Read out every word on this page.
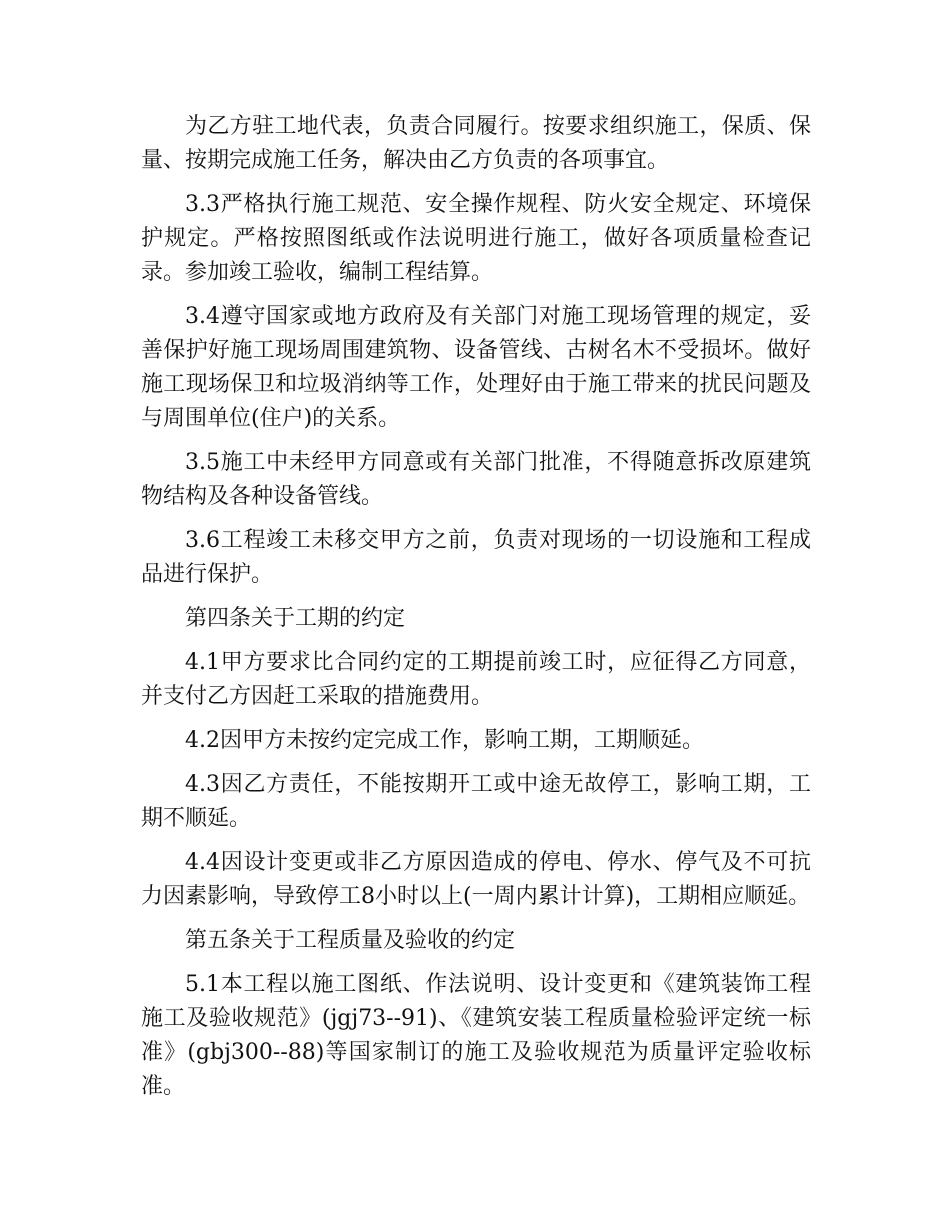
为乙方驻工地代表，负责合同履行。按要求组织施工，保质、保量、按期完成施工任务，解决由乙方负责的各项事宜。

3.3严格执行施工规范、安全操作规程、防火安全规定、环境保护规定。严格按照图纸或作法说明进行施工，做好各项质量检查记录。参加竣工验收，编制工程结算。

3.4遵守国家或地方政府及有关部门对施工现场管理的规定，妥善保护好施工现场周围建筑物、设备管线、古树名木不受损坏。做好施工现场保卫和垃圾消纳等工作，处理好由于施工带来的扰民问题及与周围单位(住户)的关系。

3.5施工中未经甲方同意或有关部门批准，不得随意拆改原建筑物结构及各种设备管线。

3.6工程竣工未移交甲方之前，负责对现场的一切设施和工程成品进行保护。

第四条关于工期的约定

4.1甲方要求比合同约定的工期提前竣工时，应征得乙方同意，并支付乙方因赶工采取的措施费用。

4.2因甲方未按约定完成工作，影响工期，工期顺延。

4.3因乙方责任，不能按期开工或中途无故停工，影响工期，工期不顺延。

4.4因设计变更或非乙方原因造成的停电、停水、停气及不可抗力因素影响，导致停工8小时以上(一周内累计计算)，工期相应顺延。

第五条关于工程质量及验收的约定

5.1本工程以施工图纸、作法说明、设计变更和《建筑装饰工程施工及验收规范》(jgj73--91)、《建筑安装工程质量检验评定统一标准》(gbj300--88)等国家制订的施工及验收规范为质量评定验收标准。
